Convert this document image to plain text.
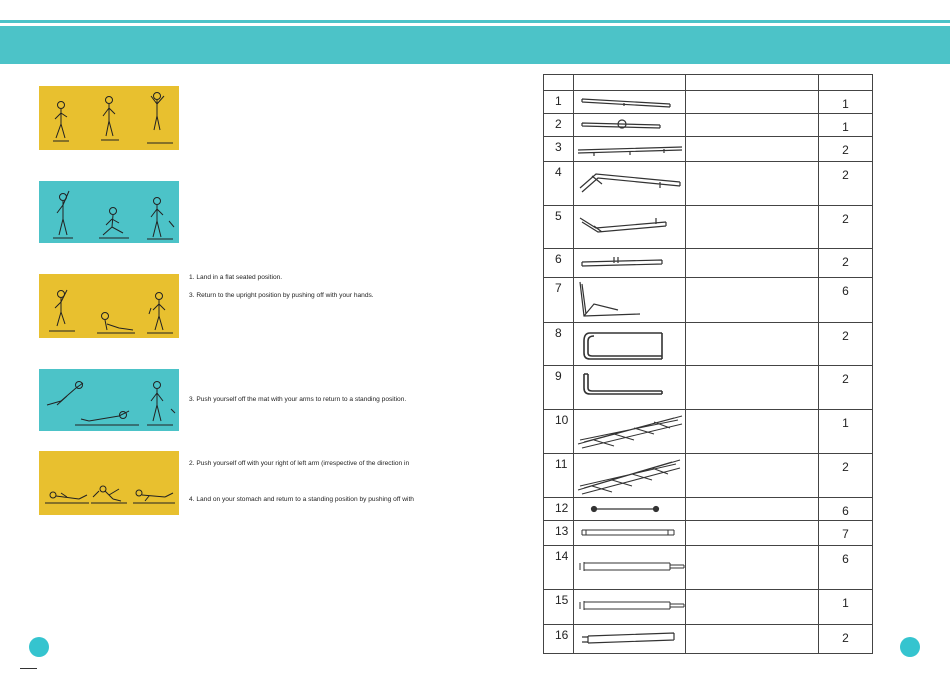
1. Land in a flat seated position.
3. Return to the upright position by pushing off with your hands.
3. Push yourself off the mat with your arms to return to a standing position.
2. Push yourself off with your right of left arm (irrespective of the direction in
4. Land on your stomach and return to a standing position by pushing off with

1			1
2			1
3			2
4			2
5			2
6			2
7			6
8			2
9			2
10			1
11			2
12			6
13			7
14			6
15			1
16			2
